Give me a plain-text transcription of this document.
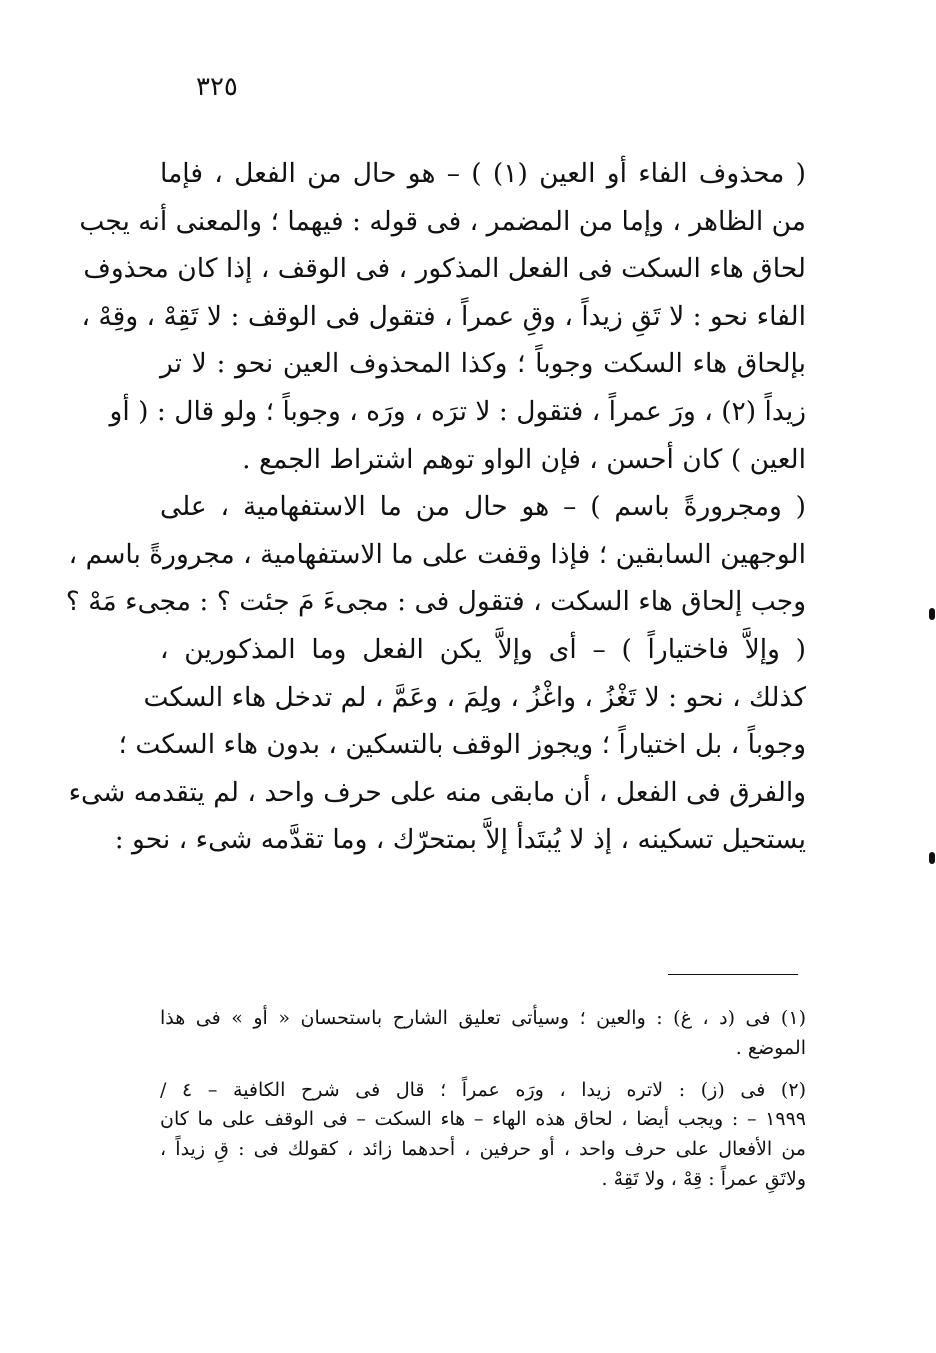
٣٢٥
( محذوف الفاء أو العين (١) ) – هو حال من الفعل ، فإما
من الظاهر ، وإما من المضمر ، فى قوله : فيهما ؛ والمعنى أنه يجب
لحاق هاء السكت فى الفعل المذكور ، فى الوقف ، إذا كان محذوف
الفاء نحو : لا تَقِ زيداً ، وقِ عمراً ، فتقول فى الوقف : لا تَقِهْ ، وقِهْ ،
بإلحاق هاء السكت وجوباً ؛ وكذا المحذوف العين نحو : لا تر
زيداً (٢) ، ورَ عمراً ، فتقول : لا ترَه ، ورَه ، وجوباً ؛ ولو قال : ( أو
العين ) كان أحسن ، فإن الواو توهم اشتراط الجمع .
( ومجرورةً باسم ) – هو حال من ما الاستفهامية ، على
الوجهين السابقين ؛ فإذا وقفت على ما الاستفهامية ، مجرورةً باسم ،
وجب إلحاق هاء السكت ، فتقول فى : مجىءَ مَ جئت ؟ : مجىء مَهْ ؟
( وإلاَّ فاختياراً ) – أى وإلاَّ يكن الفعل وما المذكورين ،
كذلك ، نحو : لا تَغْزُ ، واغْزُ ، ولِمَ ، وعَمَّ ، لم تدخل هاء السكت
وجوباً ، بل اختياراً ؛ ويجوز الوقف بالتسكين ، بدون هاء السكت ؛
والفرق فى الفعل ، أن مابقى منه على حرف واحد ، لم يتقدمه شىء
يستحيل تسكينه ، إذ لا يُبتَدأ إلاَّ بمتحرّك ، وما تقدَّمه شىء ، نحو :
(١) فى (د ، غ) : والعين ؛ وسيأتى تعليق الشارح باستحسان « أو » فى هذا
الموضع .
(٢) فى (ز) : لاتره زيدا ، ورَه عمراً ؛ قال فى شرح الكافية – ٤ /
١٩٩٩ – : ويجب أيضا ، لحاق هذه الهاء – هاء السكت – فى الوقف على ما كان
من الأفعال على حرف واحد ، أو حرفين ، أحدهما زائد ، كقولك فى : قِ زيداً ،
ولاتَقِ عمراً : قِهْ ، ولا تَقِهْ .
